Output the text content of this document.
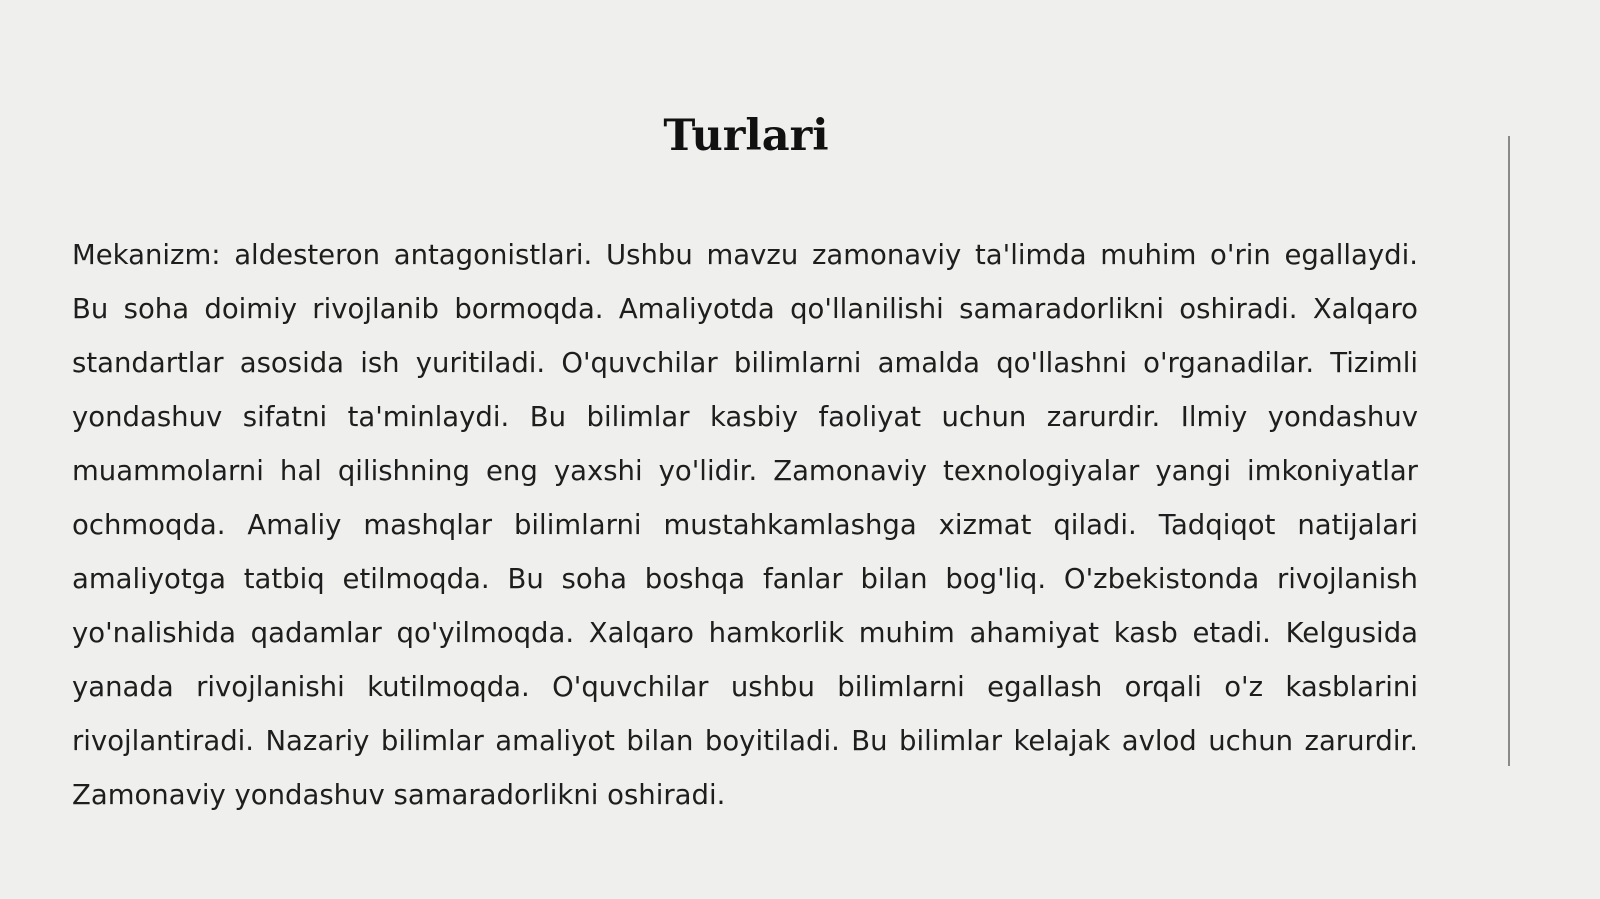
Turlari

Mekanizm: aldesteron antagonistlari. Ushbu mavzu zamonaviy ta'limda muhim o'rin egallaydi. Bu soha doimiy rivojlanib bormoqda. Amaliyotda qo'llanilishi samaradorlikni oshiradi. Xalqaro standartlar asosida ish yuritiladi. O'quvchilar bilimlarni amalda qo'llashni o'rganadilar. Tizimli yondashuv sifatni ta'minlaydi. Bu bilimlar kasbiy faoliyat uchun zarurdir. Ilmiy yondashuv muammolarni hal qilishning eng yaxshi yo'lidir. Zamonaviy texnologiyalar yangi imkoniyatlar ochmoqda. Amaliy mashqlar bilimlarni mustahkamlashga xizmat qiladi. Tadqiqot natijalari amaliyotga tatbiq etilmoqda. Bu soha boshqa fanlar bilan bog'liq. O'zbekistonda rivojlanish yo'nalishida qadamlar qo'yilmoqda. Xalqaro hamkorlik muhim ahamiyat kasb etadi. Kelgusida yanada rivojlanishi kutilmoqda. O'quvchilar ushbu bilimlarni egallash orqali o'z kasblarini rivojlantiradi. Nazariy bilimlar amaliyot bilan boyitiladi. Bu bilimlar kelajak avlod uchun zarurdir. Zamonaviy yondashuv samaradorlikni oshiradi.
